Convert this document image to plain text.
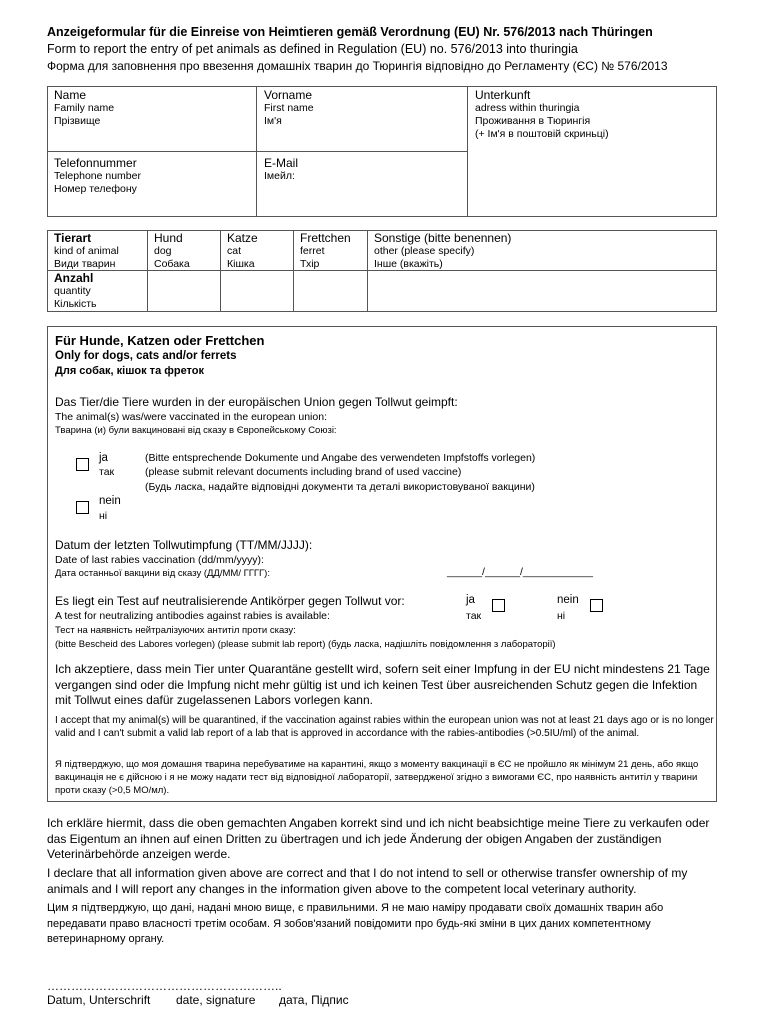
Anzeigeformular für die Einreise von Heimtieren gemäß Verordnung (EU) Nr. 576/2013 nach Thüringen
Form to report the entry of pet animals as defined in Regulation (EU) no. 576/2013 into thuringia
Форма для заповнення про ввезення домашніх тварин до Тюрингія відповідно до Регламенту (ЄС) № 576/2013
Name
Family name
Прізвище
Vorname
First name
Ім'я
Unterkunft
adress within thuringia
Проживання в Тюрингія
(+ Ім'я в поштовій скриньці)
Telefonnummer
Telephone number
Номер телефону
E-Mail
Імейл:
Tierart
kind of animal
Види тварин
Hund
dog
Собака
Katze
cat
Кішка
Frettchen
ferret
Тхір
Sonstige (bitte benennen)
other (please specify)
Інше (вкажіть)
Anzahl
quantity
Кількість
Für Hunde, Katzen oder Frettchen
Only for dogs, cats and/or ferrets
Для собак, кішок та фреток
Das Tier/die Tiere wurden in der europäischen Union gegen Tollwut geimpft:
The animal(s) was/were vaccinated in the european union:
Тварина (и) були вакциновані від сказу в Європейському Союзі:
ja
так
(Bitte entsprechende Dokumente und Angabe des verwendeten Impfstoffs vorlegen)
(please submit relevant documents including brand of used vaccine)
(Будь ласка, надайте відповідні документи та деталі використовуваної вакцини)
nein
ні
Datum der letzten Tollwutimpfung (TT/MM/JJJJ):
Date of last rabies vaccination (dd/mm/yyyy):
Дата останньої вакцини від сказу (ДД/ММ/ ГГГГ):	______/______/____________
Es liegt ein Test auf neutralisierende Antikörper gegen Tollwut vor:
A test for neutralizing antibodies against rabies is available:
Тест на наявність нейтралізуючих антитіл проти сказу:
(bitte Bescheid des Labores vorlegen) (please submit lab report) (будь ласка, надішліть повідомлення з лабораторії)
ja
так
nein
ні
Ich akzeptiere, dass mein Tier unter Quarantäne gestellt wird, sofern seit einer Impfung in der EU nicht mindestens 21 Tage vergangen sind oder die Impfung nicht mehr gültig ist und ich keinen Test über ausreichenden Schutz gegen die Infektion mit Tollwut eines dafür zugelassenen Labors vorlegen kann.
I accept that my animal(s) will be quarantined, if the vaccination against rabies within the european union was not at least 21 days ago or is no longer valid and I can't submit a valid lab report of a lab that is approved in accordance with the rabies-antibodies (>0.5IU/ml) of the animal.
Я підтверджую, що моя домашня тварина перебуватиме на карантині, якщо з моменту вакцинації в ЄС не пройшло як мінімум 21 день, або якщо вакцинація не є дійсною і я не можу надати тест від відповідної лабораторії, затвердженої згідно з вимогами ЄС, про наявність антитіл у тварини проти сказу (>0,5 МО/мл).
Ich erkläre hiermit, dass die oben gemachten Angaben korrekt sind und ich nicht beabsichtige meine Tiere zu verkaufen oder das Eigentum an ihnen auf einen Dritten zu übertragen und ich jede Änderung der obigen Angaben der zuständigen Veterinärbehörde anzeigen werde.
I declare that all information given above are correct and that I do not intend to sell or otherwise transfer ownership of my animals and I will report any changes in the information given above to the competent local veterinary authority.
Цим я підтверджую, що дані, надані мною вище, є правильними. Я не маю наміру продавати своїх домашніх тварин або передавати право власності третім особам. Я зобов'язаний повідомити про будь-які зміни в цих даних компетентному ветеринарному органу.
…………………………………………………..
Datum, Unterschrift date, signature дата, Підпис
